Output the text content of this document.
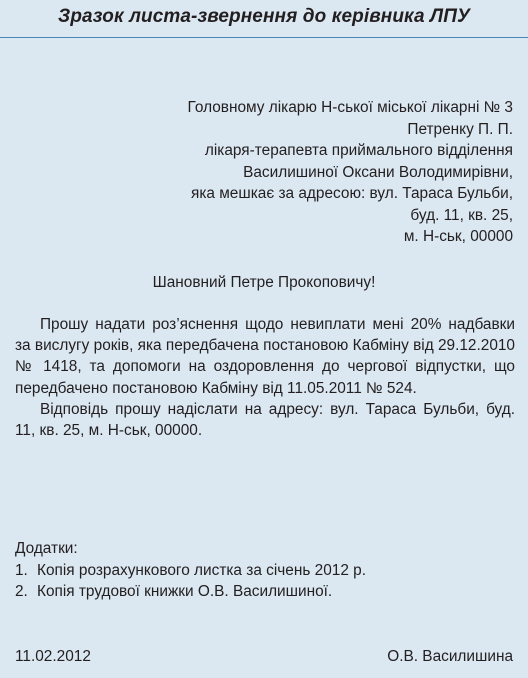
Зразок листа-звернення до керівника ЛПУ
Головному лікарю Н-ської міської лікарні № 3
Петренку П. П.
лікаря-терапевта приймального відділення
Василишиної Оксани Володимирівни,
яка мешкає за адресою: вул. Тараса Бульби,
буд. 11, кв. 25,
м. Н-ськ, 00000
Шановний Петре Прокоповичу!

Прошу надати роз’яснення щодо невиплати мені 20% надбавки за вислугу років, яка передбачена постановою Кабміну від 29.12.2010 № 1418, та допомоги на оздоровлення до чергової відпустки, що передбачено постановою Кабміну від 11.05.2011 № 524.

Відповідь прошу надіслати на адресу: вул. Тараса Бульби, буд. 11, кв. 25, м. Н-ськ, 00000.

Додатки:
1. Копія розрахункового листка за січень 2012 р.
2. Копія трудової книжки О.В. Василишиної.
11.02.2012	О.В. Василишина
